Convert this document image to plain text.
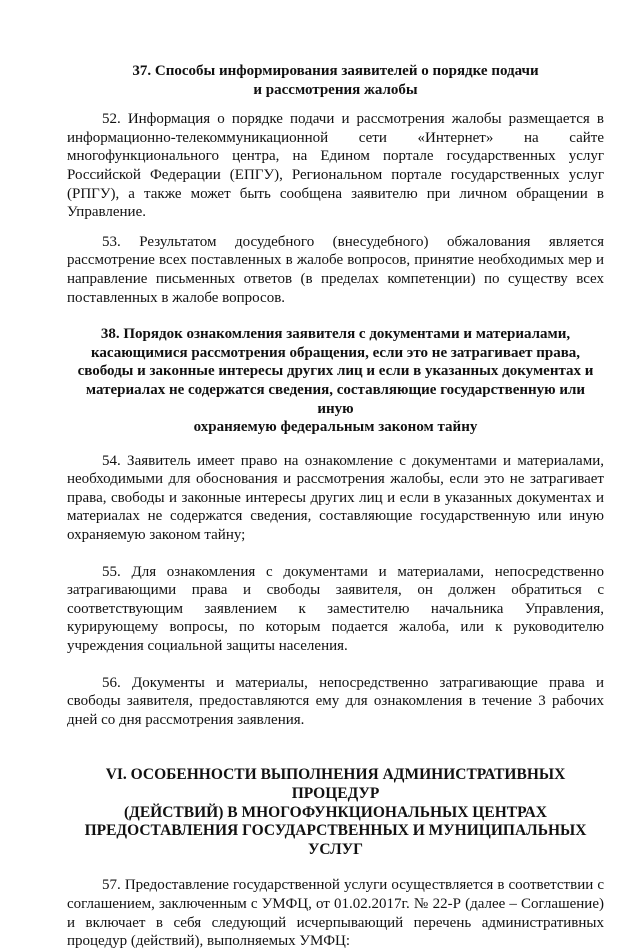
37. Способы информирования заявителей о порядке подачи
и рассмотрения жалобы

52. Информация о порядке подачи и рассмотрения жалобы размещается в информационно-телекоммуникационной сети «Интернет» на сайте многофункционального центра, на Едином портале государственных услуг Российской Федерации (ЕПГУ), Региональном портале государственных услуг (РПГУ), а также может быть сообщена заявителю при личном обращении в Управление.

53. Результатом досудебного (внесудебного) обжалования является рассмотрение всех поставленных в жалобе вопросов, принятие необходимых мер и направление письменных ответов (в пределах компетенции) по существу всех поставленных в жалобе вопросов.

38. Порядок ознакомления заявителя с документами и материалами,
касающимися рассмотрения обращения, если это не затрагивает права,
свободы и законные интересы других лиц и если в указанных документах и
материалах не содержатся сведения, составляющие государственную или иную
охраняемую федеральным законом тайну

54. Заявитель имеет право на ознакомление с документами и материалами, необходимыми для обоснования и рассмотрения жалобы, если это не затрагивает права, свободы и законные интересы других лиц и если в указанных документах и материалах не содержатся сведения, составляющие государственную или иную охраняемую законом тайну;

55. Для ознакомления с документами и материалами, непосредственно затрагивающими права и свободы заявителя, он должен обратиться с соответствующим заявлением к заместителю начальника Управления, курирующему вопросы, по которым подается жалоба, или к руководителю учреждения социальной защиты населения.

56. Документы и материалы, непосредственно затрагивающие права и свободы заявителя, предоставляются ему для ознакомления в течение 3 рабочих дней со дня рассмотрения заявления.

VI. ОСОБЕННОСТИ ВЫПОЛНЕНИЯ АДМИНИСТРАТИВНЫХ ПРОЦЕДУР
(ДЕЙСТВИЙ) В МНОГОФУНКЦИОНАЛЬНЫХ ЦЕНТРАХ
ПРЕДОСТАВЛЕНИЯ ГОСУДАРСТВЕННЫХ И МУНИЦИПАЛЬНЫХ УСЛУГ

57. Предоставление государственной услуги осуществляется в соответствии с соглашением, заключенным с УМФЦ, от 01.02.2017г. № 22-Р (далее – Соглашение) и включает в себя следующий исчерпывающий перечень административных процедур (действий), выполняемых УМФЦ:
